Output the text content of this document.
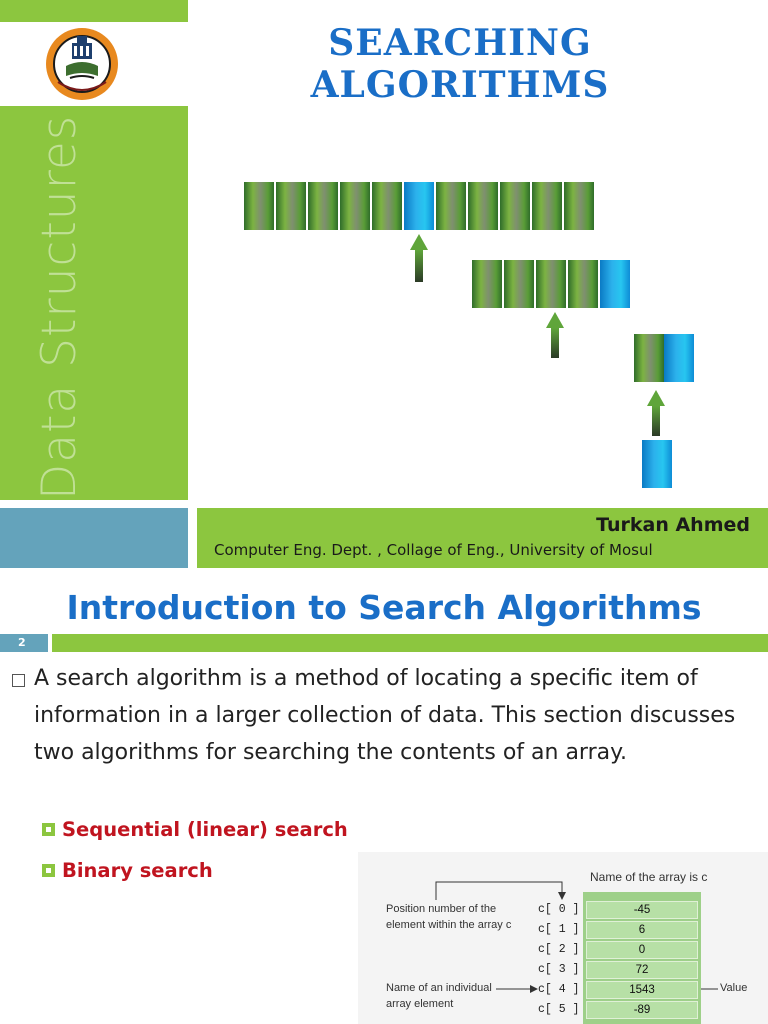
Data Structures
Turkan Ahmed
Computer Eng. Dept. , Collage of Eng., University of Mosul
SEARCHING
ALGORITHMS
Introduction to Search Algorithms
2
A search algorithm is a method of locating a specific item of information in a larger collection of data. This section discusses two algorithms for searching the contents of an array.
Sequential (linear) search
Binary search	Name of the array is c
Position number of the
element within the array c
Name of an individual
array element
Value
c[ 0 ]
c[ 1 ]
c[ 2 ]
c[ 3 ]
c[ 4 ]
c[ 5 ]
-45
6
0
72
1543
-89
